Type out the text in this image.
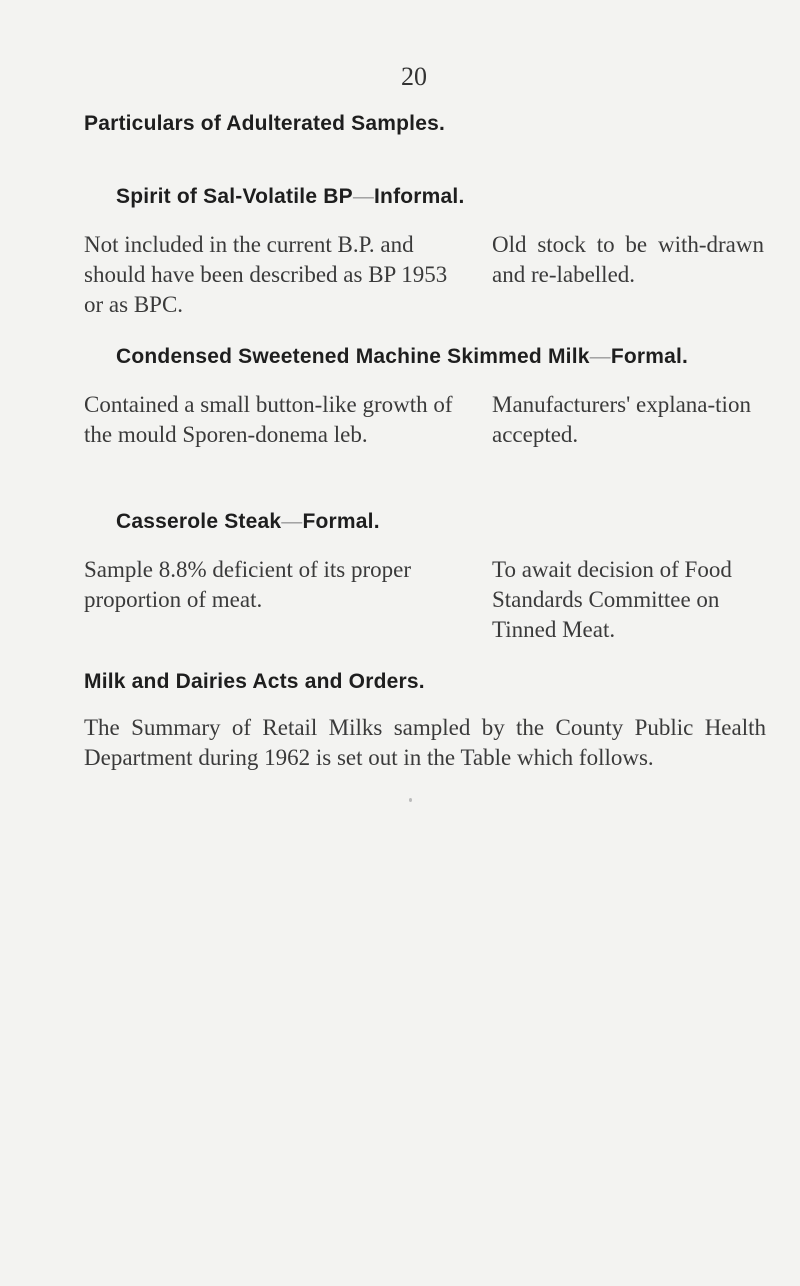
20
Particulars of Adulterated Samples.
Spirit of Sal-Volatile BP—Informal.
Not included in the current B.P. and should have been described as BP 1953 or as BPC.
Old stock to be with-drawn and re-labelled.
Condensed Sweetened Machine Skimmed Milk—Formal.
Contained a small button-like growth of the mould Sporen-donema leb.
Manufacturers' explana-tion accepted.
Casserole Steak—Formal.
Sample 8.8% deficient of its proper proportion of meat.
To await decision of Food Standards Committee on Tinned Meat.
Milk and Dairies Acts and Orders.
The Summary of Retail Milks sampled by the County Public Health Department during 1962 is set out in the Table which follows.
